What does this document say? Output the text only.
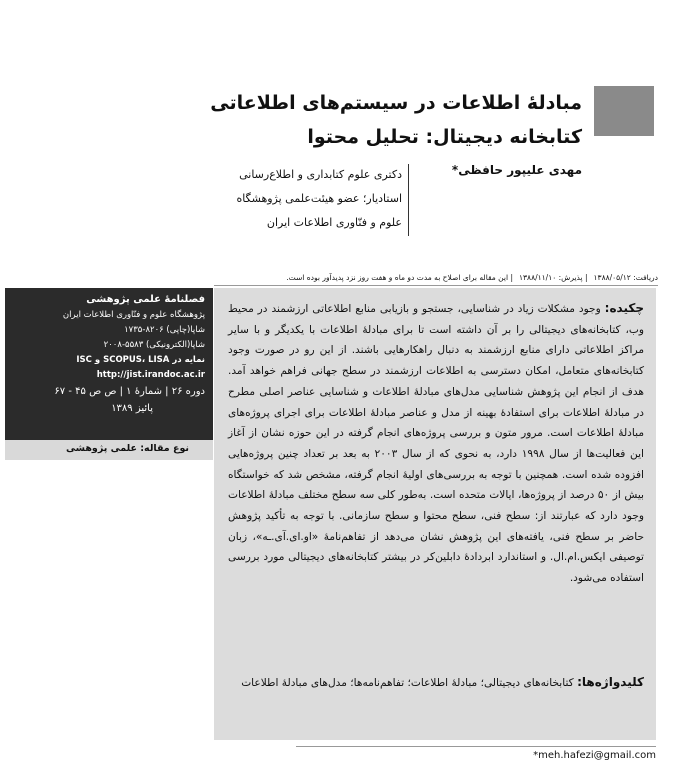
مبادلۀ اطلاعات در سیستم‌های اطلاعاتی
کتابخانه دیجیتال: تحلیل محتوا
مهدی علیپور حافظی*
دکتری علوم کتابداری و اطلاع‌رسانی
استادیار؛ عضو هیئت‌علمی پژوهشگاه
علوم و فنّاوری اطلاعات ایران
دریافت: ۱۳۸۸/۰۵/۱۲| پذیرش: ۱۳۸۸/۱۱/۱۰| این مقاله برای اصلاح به مدت دو ماه و هفت روز نزد پدیدآور بوده است.
فصلنامۀ علمی پژوهشی
پژوهشگاه علوم و فنّاوری اطلاعات ایران
شاپا(چاپی) ۸۲۰۶-۱۷۳۵
شاپا(الکترونیکی) ۵۵۸۳-۲۰۰۸
نمایه در SCOPUS، LISA و ISC
http://jist.irandoc.ac.ir
دوره ۲۶ | شمارۀ ۱ | ص ص ۴۵ - ۶۷
پائیز ۱۳۸۹
نوع مقاله: علمی پژوهشی
چکیده: وجود مشکلات زیاد در شناسایی، جستجو و بازیابی منابع اطلاعاتی ارزشمند در محیط وب، کتابخانه‌های دیجیتالی را بر آن داشته است تا برای مبادلۀ اطلاعات با یکدیگر و با سایر مراکز اطلاعاتی دارای منابع ارزشمند به دنبال راهکارهایی باشند. از این رو در صورت وجود کتابخانه‌های متعامل، امکان دسترسی به اطلاعات ارزشمند در سطح جهانی فراهم خواهد آمد. هدف از انجام این پژوهش شناسایی مدل‌های مبادلۀ اطلاعات و شناسایی عناصر اصلی مطرح در مبادلۀ اطلاعات برای استفادۀ بهینه از مدل و عناصر مبادلۀ اطلاعات برای اجرای پروژه‌های مبادلۀ اطلاعات است. مرور متون و بررسی پروژه‌های انجام گرفته در این حوزه نشان از آغاز این فعالیت‌ها از سال ۱۹۹۸ دارد، به نحوی که از سال ۲۰۰۳ به بعد بر تعداد چنین پروژه‌هایی افزوده شده است. همچنین با توجه به بررسی‌های اولیۀ انجام گرفته، مشخص شد که خواستگاه بیش از ۵۰ درصد از پروژه‌ها، ایالات متحده است. به‌طور کلی سه سطح مختلف مبادلۀ اطلاعات وجود دارد که عبارتند از: سطح فنی، سطح محتوا و سطح سازمانی. با توجه به تأکید پژوهش حاضر بر سطح فنی، یافته‌های این پژوهش نشان می‌دهد از تفاهم‌نامۀ «او.ای.آی.ـه»، زبان توصیفی ایکس.ام.ال. و استاندارد ابردادۀ دابلین‌کر در بیشتر کتابخانه‌های دیجیتالی مورد بررسی استفاده می‌شود.
کلیدواژه‌ها: کتابخانه‌های دیجیتالی؛ مبادلۀ اطلاعات؛ تفاهم‌نامه‌ها؛ مدل‌های مبادلۀ اطلاعات
*meh.hafezi@gmail.com
